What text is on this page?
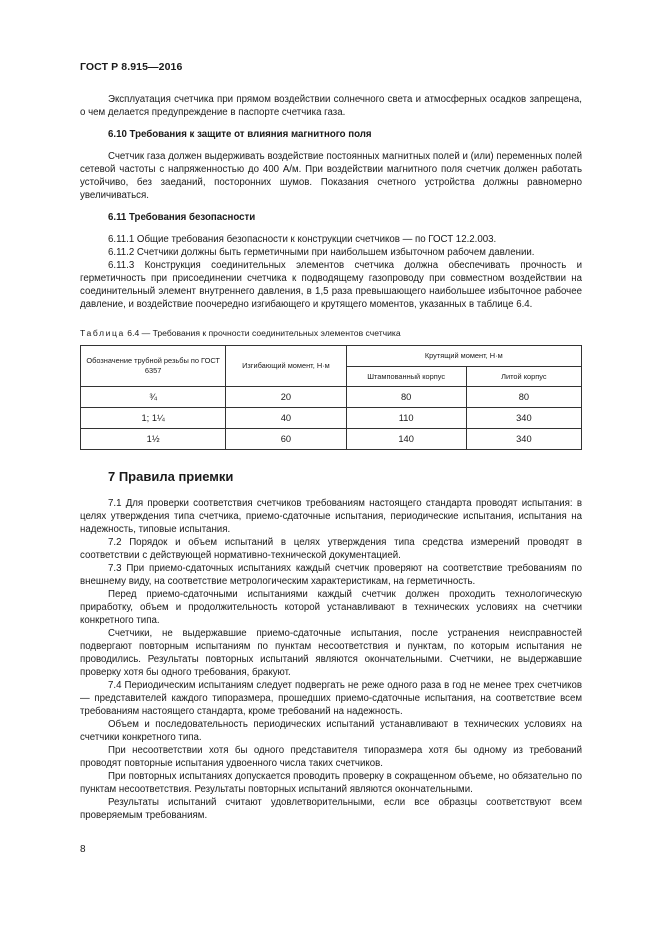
ГОСТ Р 8.915—2016

Эксплуатация счетчика при прямом воздействии солнечного света и атмосферных осадков запрещена, о чем делается предупреждение в паспорте счетчика газа.

6.10 Требования к защите от влияния магнитного поля

Счетчик газа должен выдерживать воздействие постоянных магнитных полей и (или) переменных полей сетевой частоты с напряженностью до 400 А/м. При воздействии магнитного поля счетчик должен работать устойчиво, без заеданий, посторонних шумов. Показания счетного устройства должны равномерно увеличиваться.

6.11 Требования безопасности

6.11.1 Общие требования безопасности к конструкции счетчиков — по ГОСТ 12.2.003.

6.11.2 Счетчики должны быть герметичными при наибольшем избыточном рабочем давлении.

6.11.3 Конструкция соединительных элементов счетчика должна обеспечивать прочность и герметичность при присоединении счетчика к подводящему газопроводу при совместном воздействии на соединительный элемент внутреннего давления, в 1,5 раза превышающего наибольшее избыточное рабочее давление, и воздействие поочередно изгибающего и крутящего моментов, указанных в таблице 6.4.

Таблица 6.4 — Требования к прочности соединительных элементов счетчика
Обозначение трубной резьбы по ГОСТ 6357	Изгибающий момент, Н·м	Крутящий момент, Н·м	
		Штампованный корпус	Литой корпус
¾	20	80	80
1; 1¼	40	110	340
1½	60	140	340
7 Правила приемки

7.1 Для проверки соответствия счетчиков требованиям настоящего стандарта проводят испытания: в целях утверждения типа счетчика, приемо-сдаточные испытания, периодические испытания, испытания на надежность, типовые испытания.

7.2 Порядок и объем испытаний в целях утверждения типа средства измерений проводят в соответствии с действующей нормативно-технической документацией.

7.3 При приемо-сдаточных испытаниях каждый счетчик проверяют на соответствие требованиям по внешнему виду, на соответствие метрологическим характеристикам, на герметичность.

Перед приемо-сдаточными испытаниями каждый счетчик должен проходить технологическую приработку, объем и продолжительность которой устанавливают в технических условиях на счетчики конкретного типа.

Счетчики, не выдержавшие приемо-сдаточные испытания, после устранения неисправностей подвергают повторным испытаниям по пунктам несоответствия и пунктам, по которым испытания не проводились. Результаты повторных испытаний являются окончательными. Счетчики, не выдержавшие проверку хотя бы одного требования, бракуют.

7.4 Периодическим испытаниям следует подвергать не реже одного раза в год не менее трех счетчиков — представителей каждого типоразмера, прошедших приемо-сдаточные испытания, на соответствие всем требованиям настоящего стандарта, кроме требований на надежность.

Объем и последовательность периодических испытаний устанавливают в технических условиях на счетчики конкретного типа.

При несоответствии хотя бы одного представителя типоразмера хотя бы одному из требований проводят повторные испытания удвоенного числа таких счетчиков.

При повторных испытаниях допускается проводить проверку в сокращенном объеме, но обязательно по пунктам несоответствия. Результаты повторных испытаний являются окончательными.

Результаты испытаний считают удовлетворительными, если все образцы соответствуют всем проверяемым требованиям.

8
